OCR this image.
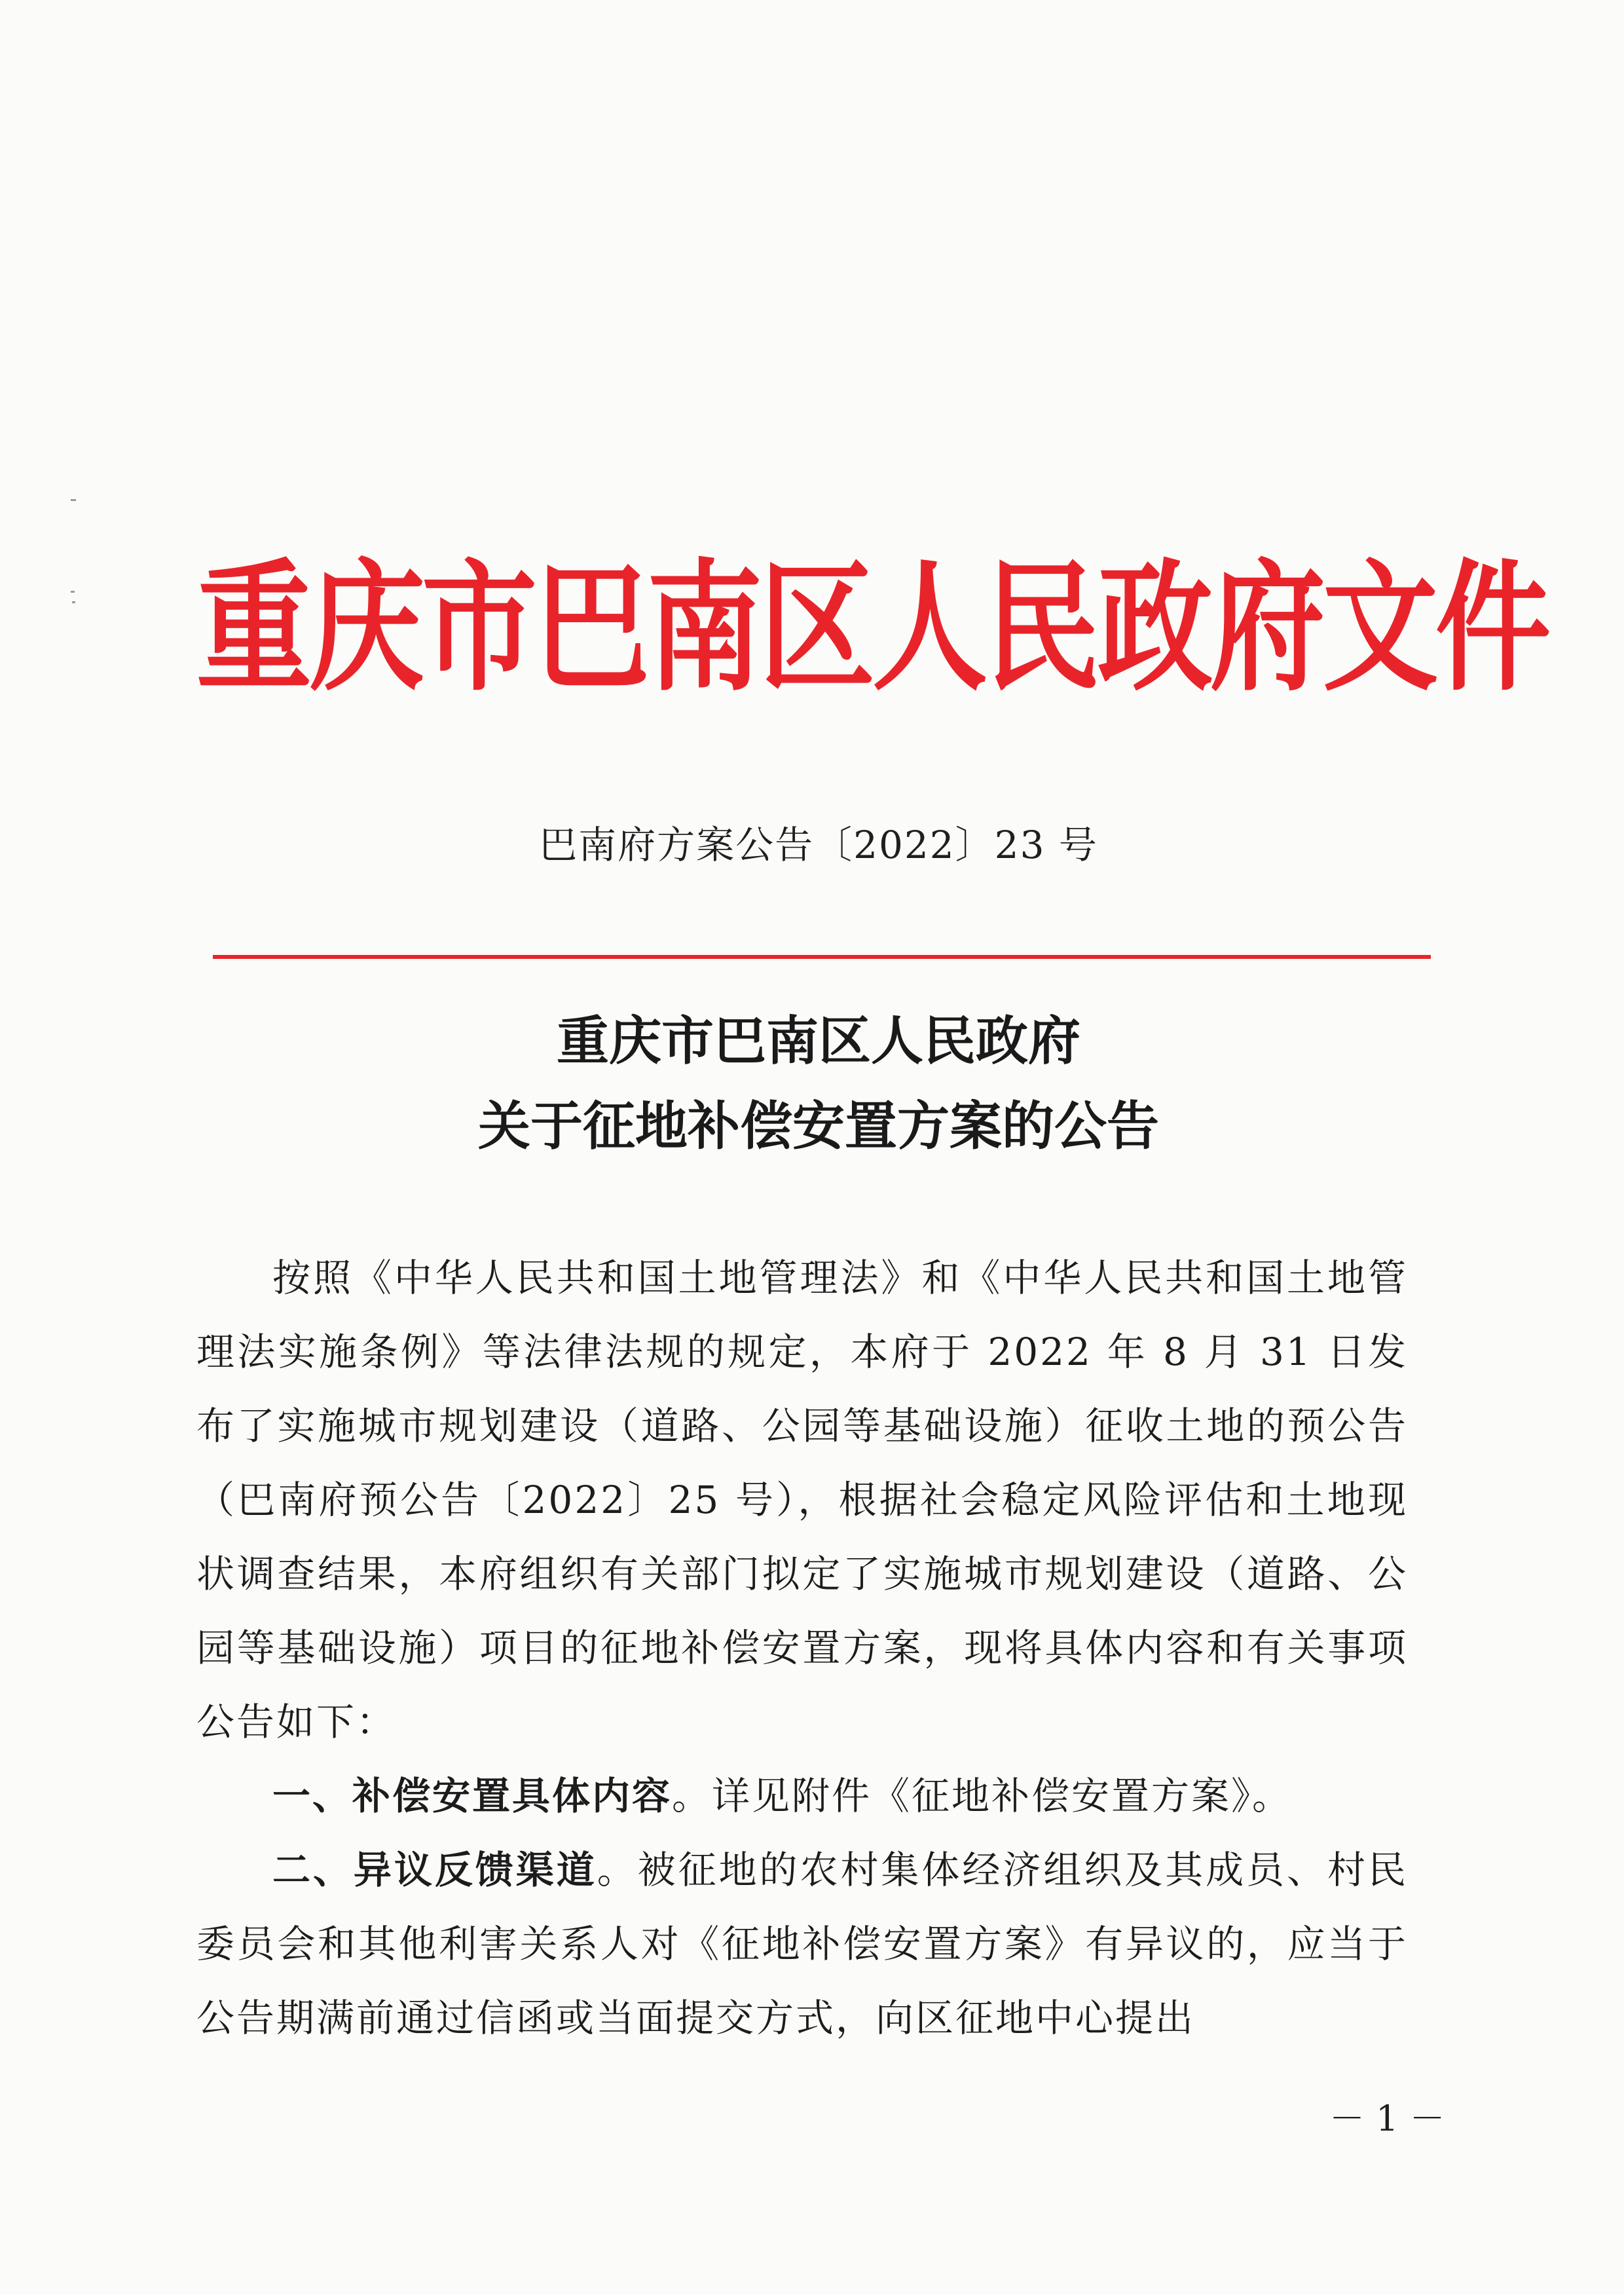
重庆市巴南区人民政府文件
巴南府方案公告〔2022〕23 号
重庆市巴南区人民政府
关于征地补偿安置方案的公告

按照《中华人民共和国土地管理法》和《中华人民共和国土地管理法实施条例》等法律法规的规定，本府于 2022 年 8 月 31 日发布了实施城市规划建设（道路、公园等基础设施）征收土地的预公告（巴南府预公告〔2022〕25 号），根据社会稳定风险评估和土地现状调查结果，本府组织有关部门拟定了实施城市规划建设（道路、公园等基础设施）项目的征地补偿安置方案，现将具体内容和有关事项公告如下：

一、补偿安置具体内容。详见附件《征地补偿安置方案》。

二、异议反馈渠道。被征地的农村集体经济组织及其成员、村民委员会和其他利害关系人对《征地补偿安置方案》有异议的，应当于公告期满前通过信函或当面提交方式，向区征地中心提出

－ 1 －
